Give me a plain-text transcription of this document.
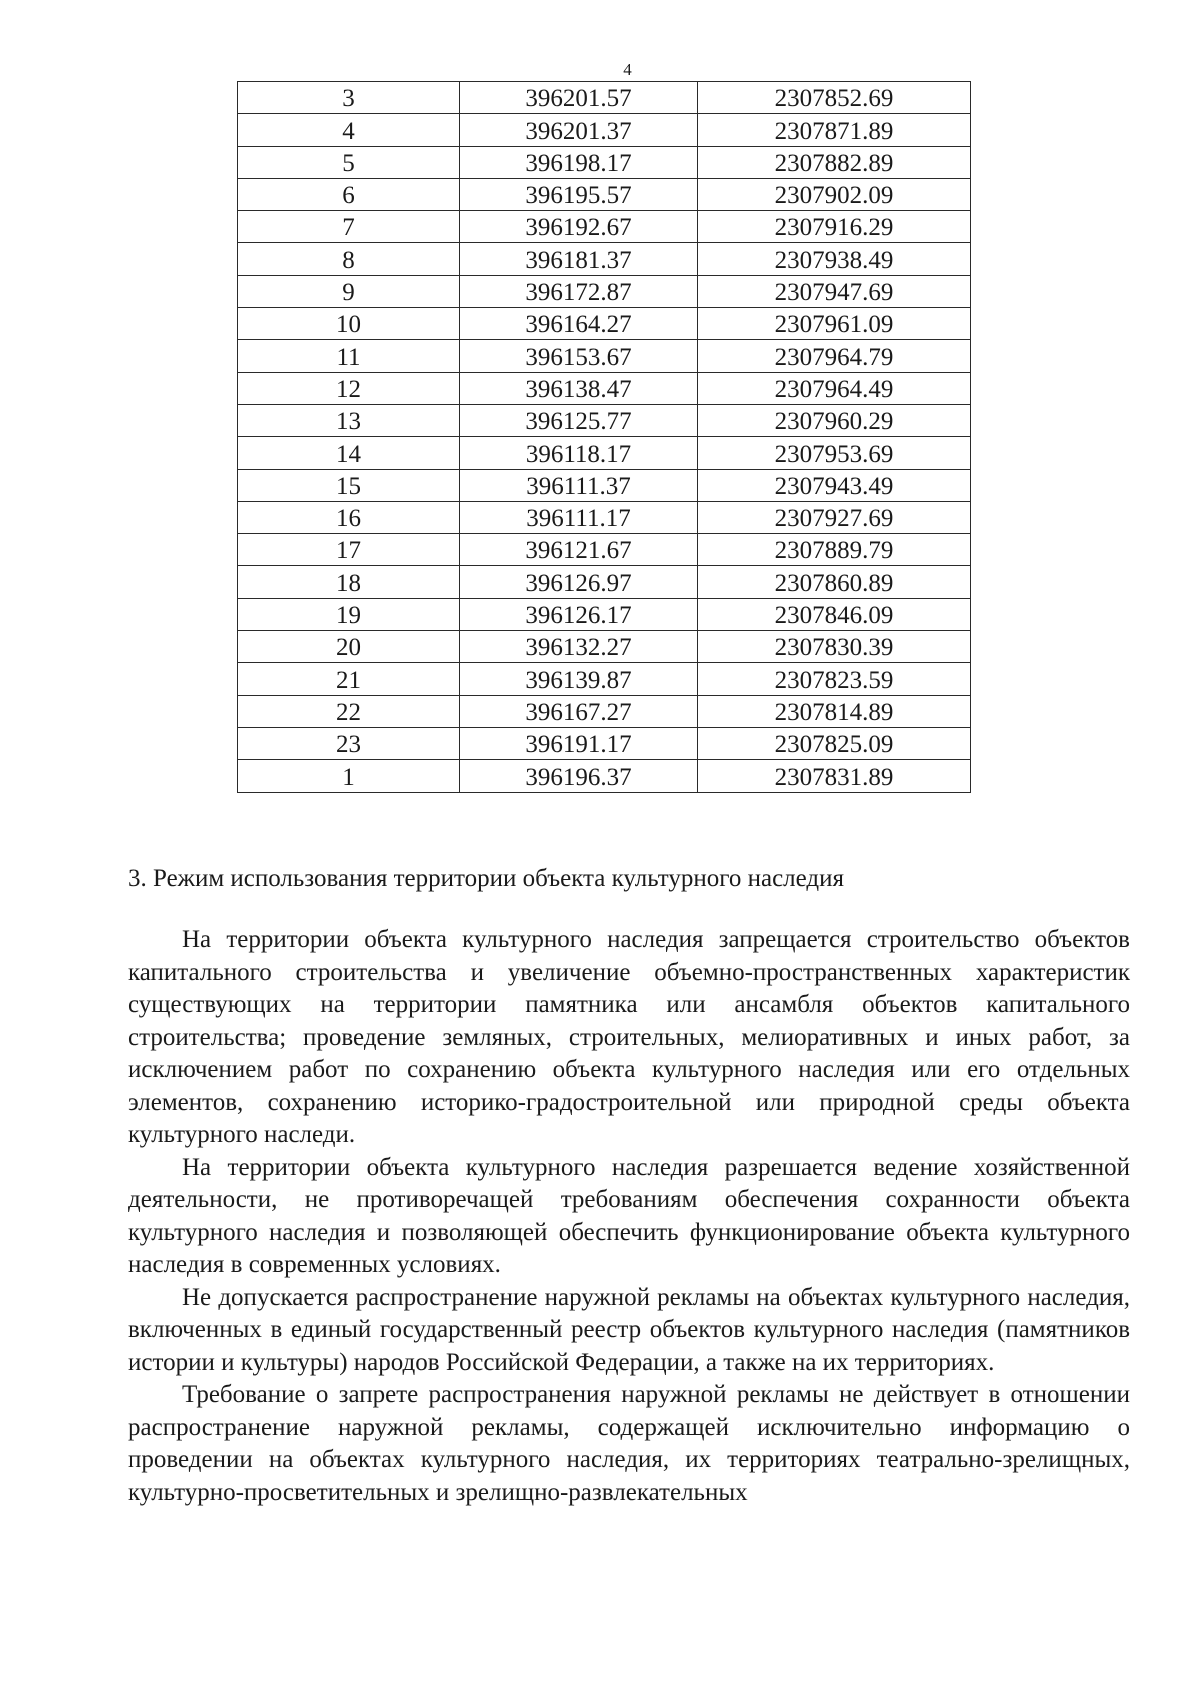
4
3	396201.57	2307852.69
4	396201.37	2307871.89
5	396198.17	2307882.89
6	396195.57	2307902.09
7	396192.67	2307916.29
8	396181.37	2307938.49
9	396172.87	2307947.69
10	396164.27	2307961.09
11	396153.67	2307964.79
12	396138.47	2307964.49
13	396125.77	2307960.29
14	396118.17	2307953.69
15	396111.37	2307943.49
16	396111.17	2307927.69
17	396121.67	2307889.79
18	396126.97	2307860.89
19	396126.17	2307846.09
20	396132.27	2307830.39
21	396139.87	2307823.59
22	396167.27	2307814.89
23	396191.17	2307825.09
1	396196.37	2307831.89
3. Режим использования территории объекта культурного наследия

На территории объекта культурного наследия запрещается строительство объектов капитального строительства и увеличение объемно-пространственных характеристик существующих на территории памятника или ансамбля объектов капитального строительства; проведение земляных, строительных, мелиоративных и иных работ, за исключением работ по сохранению объекта культурного наследия или его отдельных элементов, сохранению историко-градостроительной или природной среды объекта культурного наследи.

На территории объекта культурного наследия разрешается ведение хозяйственной деятельности, не противоречащей требованиям обеспечения сохранности объекта культурного наследия и позволяющей обеспечить функционирование объекта культурного наследия в современных условиях.

Не допускается распространение наружной рекламы на объектах культурного наследия, включенных в единый государственный реестр объектов культурного наследия (памятников истории и культуры) народов Российской Федерации, а также на их территориях.

Требование о запрете распространения наружной рекламы не действует в отношении распространение наружной рекламы, содержащей исключительно информацию о проведении на объектах культурного наследия, их территориях театрально-зрелищных, культурно-просветительных и зрелищно-развлекательных
